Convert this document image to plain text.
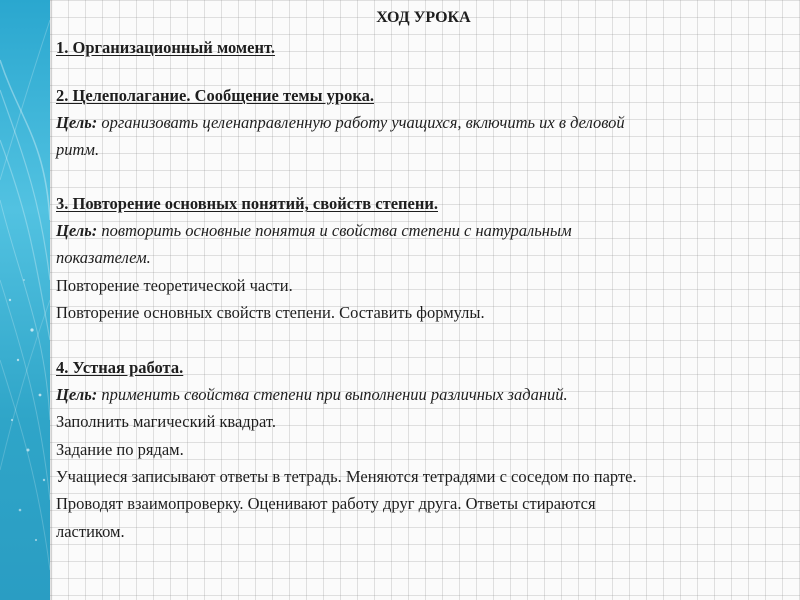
ХОД УРОКА
1. Организационный момент.
2. Целеполагание. Сообщение темы урока.
Цель: организовать целенаправленную работу учащихся, включить их в деловой
ритм.
3. Повторение основных понятий, свойств степени.
Цель: повторить основные понятия и свойства степени с натуральным
показателем.
Повторение теоретической части.
Повторение основных свойств степени. Составить формулы.
4. Устная работа.
Цель: применить свойства степени при выполнении различных заданий.
Заполнить магический квадрат.
Задание по рядам.
Учащиеся записывают ответы в тетрадь. Меняются тетрадями с соседом по парте.
Проводят взаимопроверку. Оценивают работу друг друга. Ответы стираются
ластиком.
